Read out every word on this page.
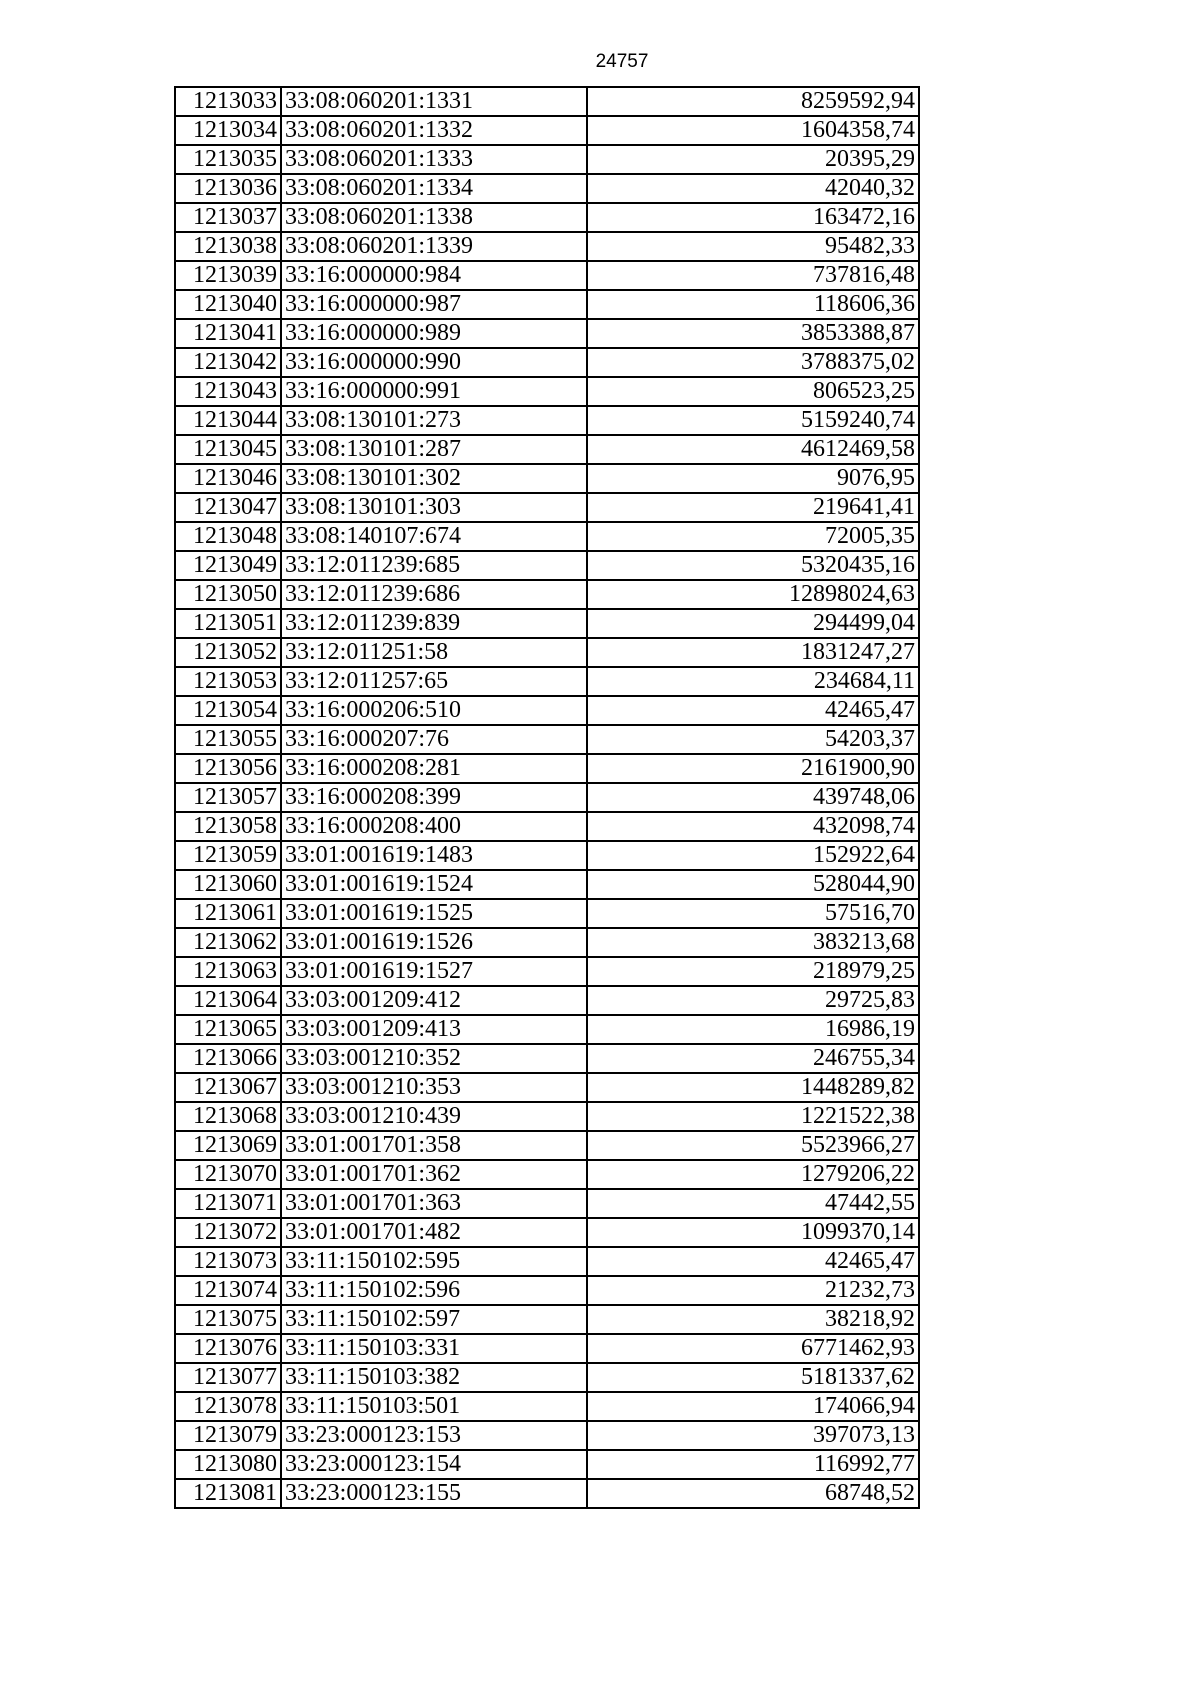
24757
1213033	33:08:060201:1331	8259592,94
1213034	33:08:060201:1332	1604358,74
1213035	33:08:060201:1333	20395,29
1213036	33:08:060201:1334	42040,32
1213037	33:08:060201:1338	163472,16
1213038	33:08:060201:1339	95482,33
1213039	33:16:000000:984	737816,48
1213040	33:16:000000:987	118606,36
1213041	33:16:000000:989	3853388,87
1213042	33:16:000000:990	3788375,02
1213043	33:16:000000:991	806523,25
1213044	33:08:130101:273	5159240,74
1213045	33:08:130101:287	4612469,58
1213046	33:08:130101:302	9076,95
1213047	33:08:130101:303	219641,41
1213048	33:08:140107:674	72005,35
1213049	33:12:011239:685	5320435,16
1213050	33:12:011239:686	12898024,63
1213051	33:12:011239:839	294499,04
1213052	33:12:011251:58	1831247,27
1213053	33:12:011257:65	234684,11
1213054	33:16:000206:510	42465,47
1213055	33:16:000207:76	54203,37
1213056	33:16:000208:281	2161900,90
1213057	33:16:000208:399	439748,06
1213058	33:16:000208:400	432098,74
1213059	33:01:001619:1483	152922,64
1213060	33:01:001619:1524	528044,90
1213061	33:01:001619:1525	57516,70
1213062	33:01:001619:1526	383213,68
1213063	33:01:001619:1527	218979,25
1213064	33:03:001209:412	29725,83
1213065	33:03:001209:413	16986,19
1213066	33:03:001210:352	246755,34
1213067	33:03:001210:353	1448289,82
1213068	33:03:001210:439	1221522,38
1213069	33:01:001701:358	5523966,27
1213070	33:01:001701:362	1279206,22
1213071	33:01:001701:363	47442,55
1213072	33:01:001701:482	1099370,14
1213073	33:11:150102:595	42465,47
1213074	33:11:150102:596	21232,73
1213075	33:11:150102:597	38218,92
1213076	33:11:150103:331	6771462,93
1213077	33:11:150103:382	5181337,62
1213078	33:11:150103:501	174066,94
1213079	33:23:000123:153	397073,13
1213080	33:23:000123:154	116992,77
1213081	33:23:000123:155	68748,52
